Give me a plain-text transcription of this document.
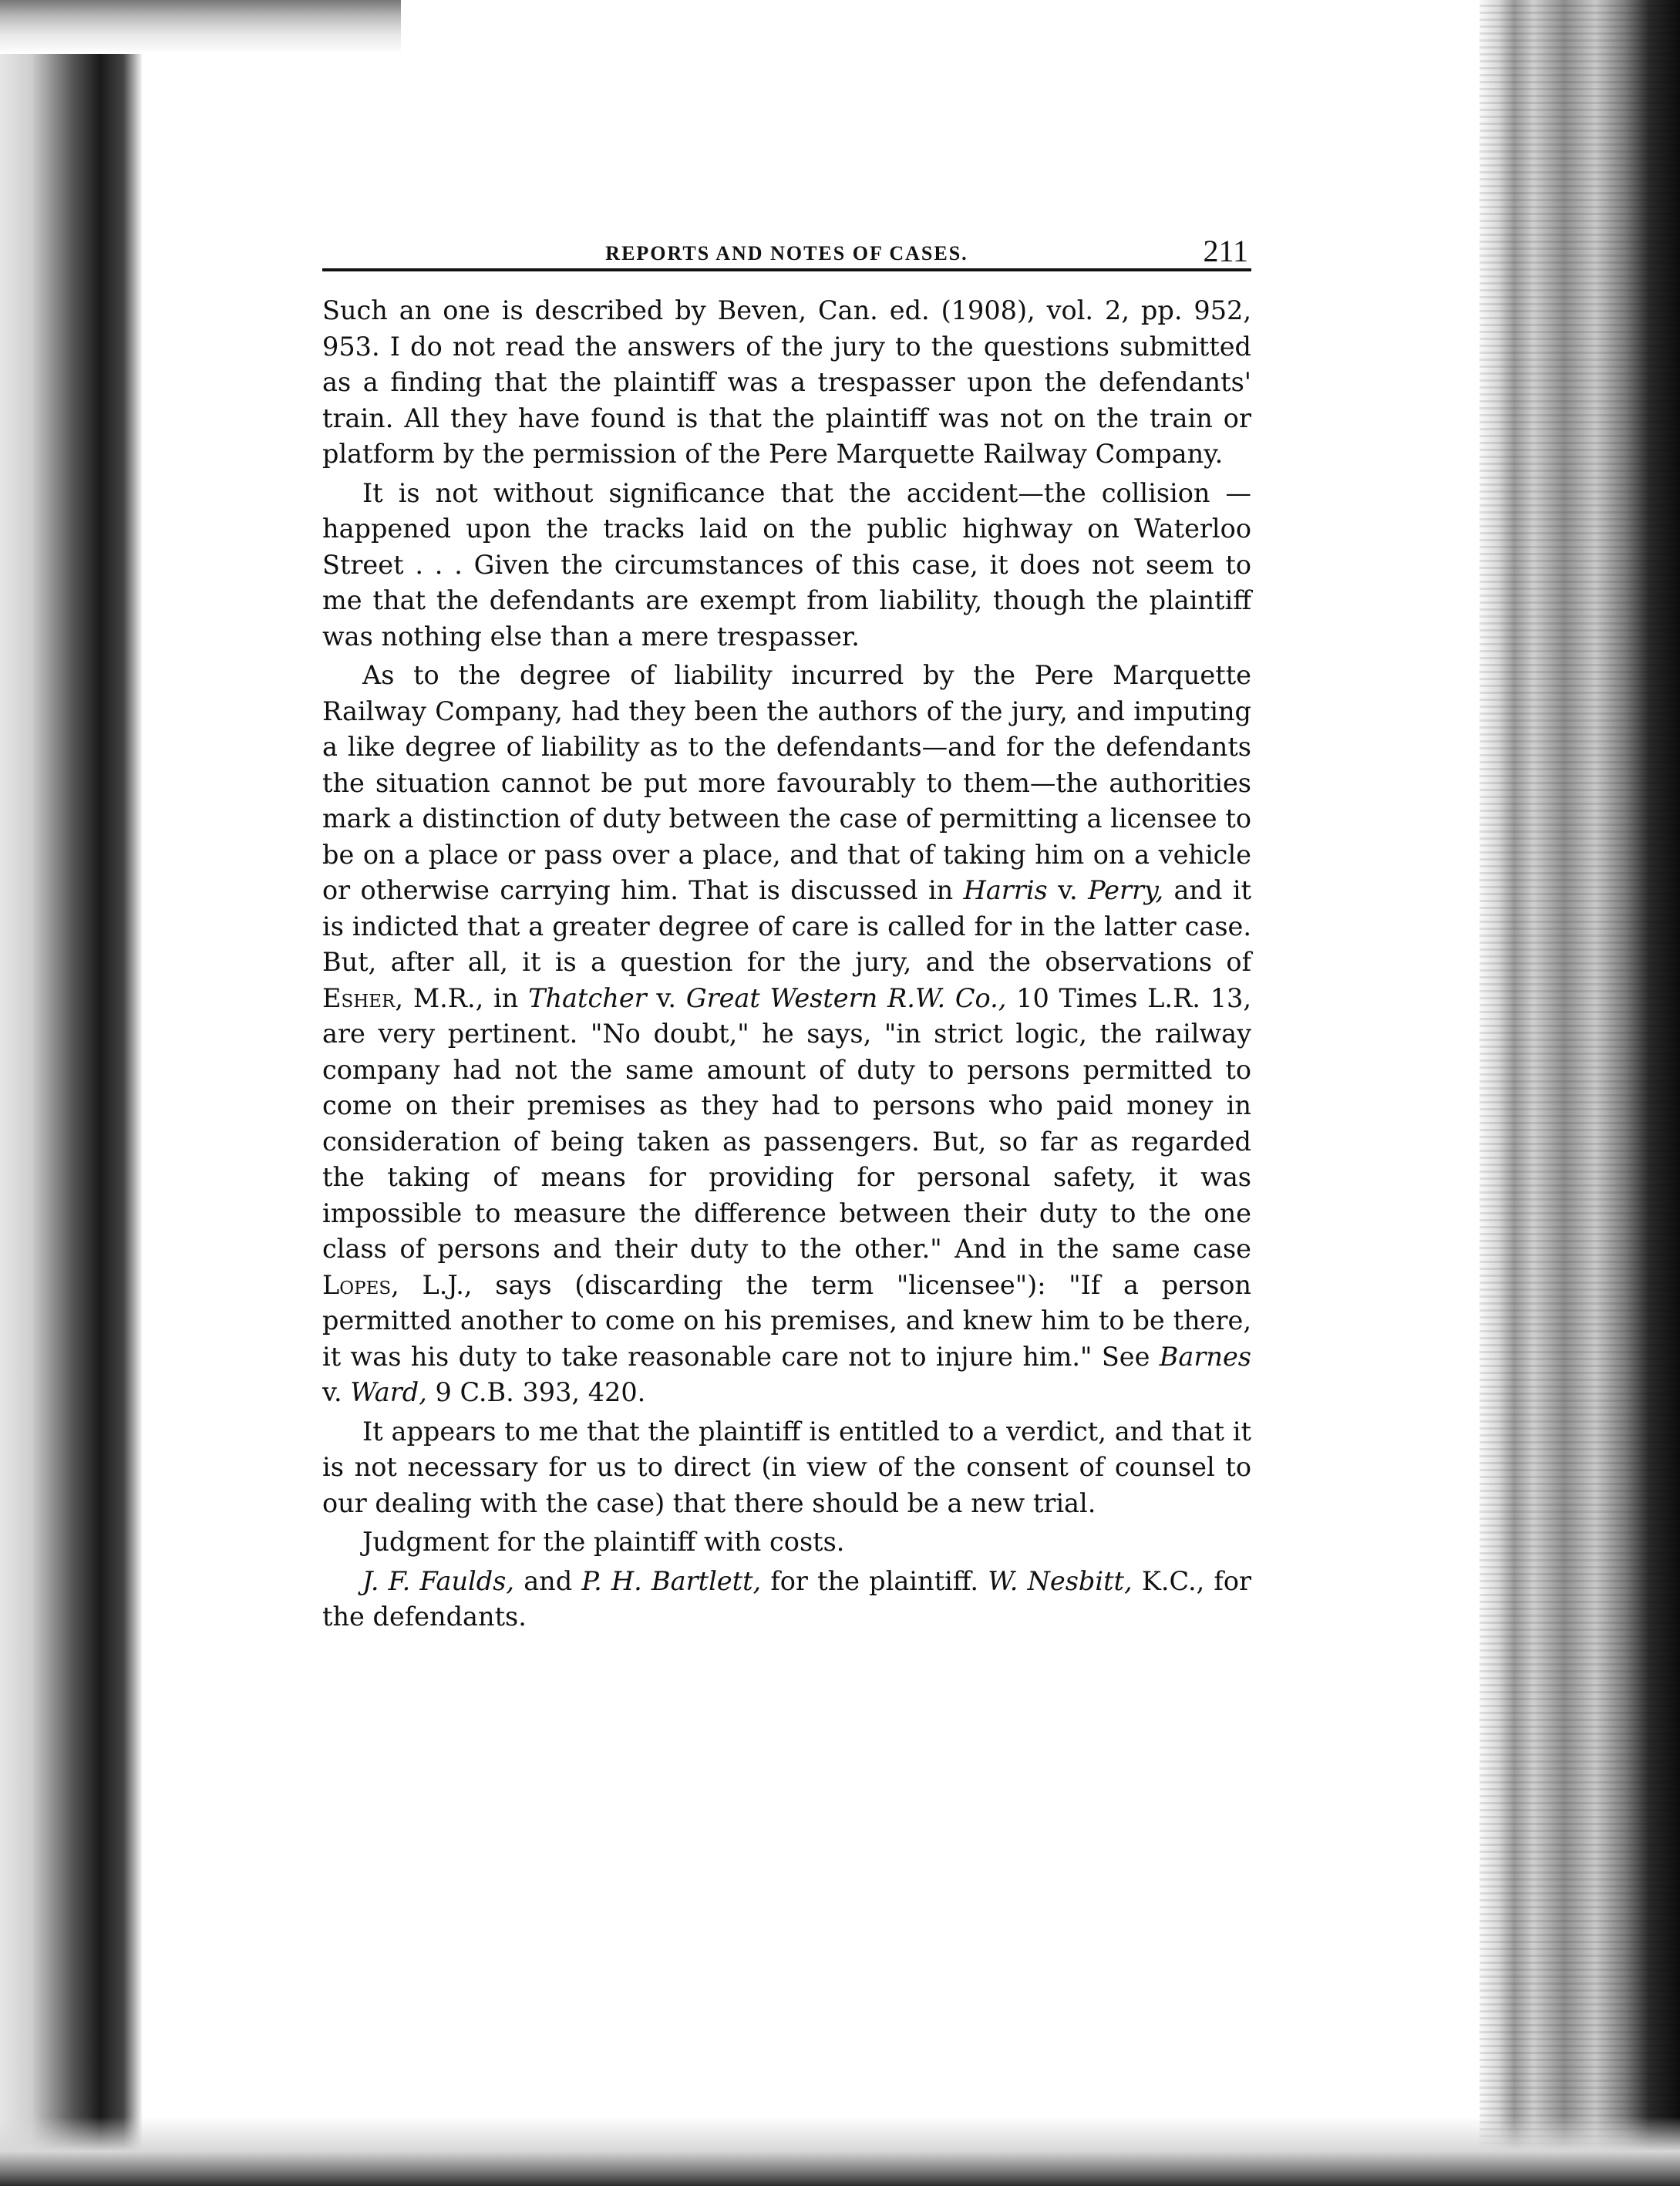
REPORTS AND NOTES OF CASES.	211

Such an one is described by Beven, Can. ed. (1908), vol. 2, pp. 952, 953. I do not read the answers of the jury to the questions submitted as a finding that the plaintiff was a trespasser upon the defendants' train. All they have found is that the plaintiff was not on the train or platform by the permission of the Pere Marquette Railway Company.

It is not without significance that the accident—the collision —happened upon the tracks laid on the public highway on Waterloo Street . . . Given the circumstances of this case, it does not seem to me that the defendants are exempt from liability, though the plaintiff was nothing else than a mere trespasser.

As to the degree of liability incurred by the Pere Marquette Railway Company, had they been the authors of the jury, and imputing a like degree of liability as to the defendants—and for the defendants the situation cannot be put more favourably to them—the authorities mark a distinction of duty between the case of permitting a licensee to be on a place or pass over a place, and that of taking him on a vehicle or otherwise carrying him. That is discussed in Harris v. Perry, and it is indicted that a greater degree of care is called for in the latter case. But, after all, it is a question for the jury, and the observations of Esher, M.R., in Thatcher v. Great Western R.W. Co., 10 Times L.R. 13, are very pertinent. "No doubt," he says, "in strict logic, the railway company had not the same amount of duty to persons permitted to come on their premises as they had to persons who paid money in consideration of being taken as passengers. But, so far as regarded the taking of means for providing for personal safety, it was impossible to measure the difference between their duty to the one class of persons and their duty to the other." And in the same case Lopes, L.J., says (discarding the term "licensee"): "If a person permitted another to come on his premises, and knew him to be there, it was his duty to take reasonable care not to injure him." See Barnes v. Ward, 9 C.B. 393, 420.

It appears to me that the plaintiff is entitled to a verdict, and that it is not necessary for us to direct (in view of the consent of counsel to our dealing with the case) that there should be a new trial.

Judgment for the plaintiff with costs.

J. F. Faulds, and P. H. Bartlett, for the plaintiff. W. Nesbitt, K.C., for the defendants.
